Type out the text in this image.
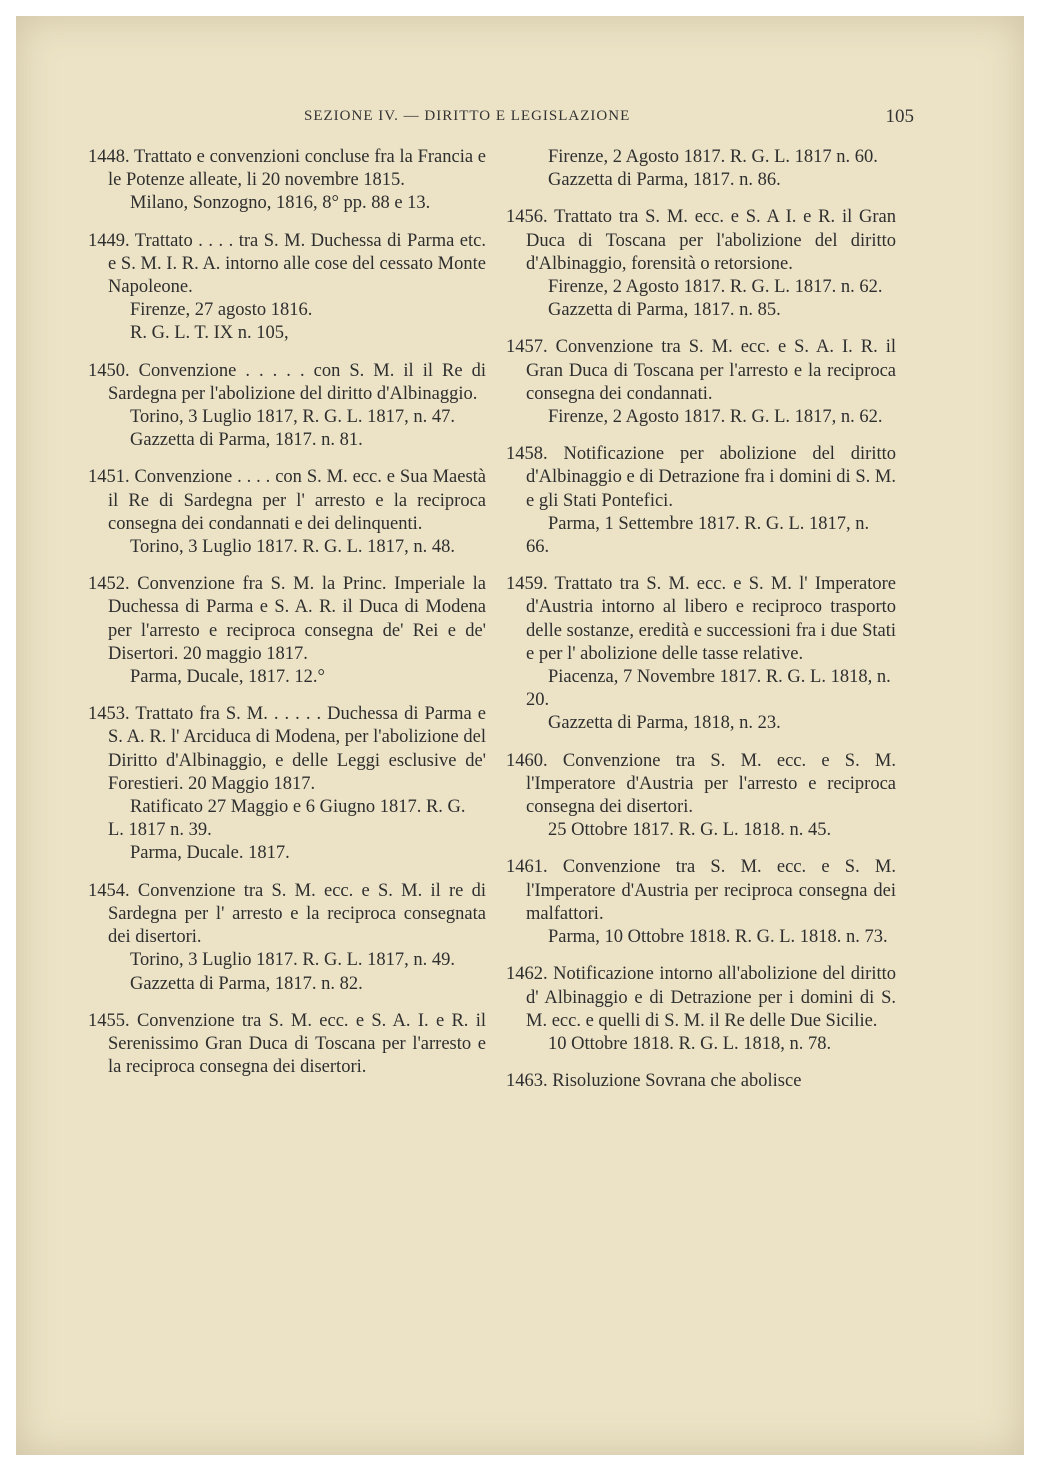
SEZIONE IV. — DIRITTO E LEGISLAZIONE	105
1448. Trattato e convenzioni concluse fra la Francia e le Potenze alleate, li 20 novembre 1815.
Milano, Sonzogno, 1816, 8° pp. 88 e 13.
1449. Trattato . . . . tra S. M. Duchessa di Parma etc. e S. M. I. R. A. intorno alle cose del cessato Monte Napoleone.
Firenze, 27 agosto 1816.
R. G. L. T. IX n. 105,
1450. Convenzione . . . . . con S. M. il il Re di Sardegna per l'abolizione del diritto d'Albinaggio.
Torino, 3 Luglio 1817, R. G. L. 1817, n. 47.
Gazzetta di Parma, 1817. n. 81.
1451. Convenzione . . . . con S. M. ecc. e Sua Maestà il Re di Sardegna per l' arresto e la reciproca consegna dei condannati e dei delinquenti.
Torino, 3 Luglio 1817. R. G. L. 1817, n. 48.
1452. Convenzione fra S. M. la Princ. Imperiale la Duchessa di Parma e S. A. R. il Duca di Modena per l'arresto e reciproca consegna de' Rei e de' Disertori. 20 maggio 1817.
Parma, Ducale, 1817. 12.°
1453. Trattato fra S. M. . . . . . Duchessa di Parma e S. A. R. l' Arciduca di Modena, per l'abolizione del Diritto d'Albinaggio, e delle Leggi esclusive de' Forestieri. 20 Maggio 1817.
Ratificato 27 Maggio e 6 Giugno 1817. R. G. L. 1817 n. 39.
Parma, Ducale. 1817.
1454. Convenzione tra S. M. ecc. e S. M. il re di Sardegna per l' arresto e la reciproca consegnata dei disertori.
Torino, 3 Luglio 1817. R. G. L. 1817, n. 49.
Gazzetta di Parma, 1817. n. 82.
1455. Convenzione tra S. M. ecc. e S. A. I. e R. il Serenissimo Gran Duca di Toscana per l'arresto e la reciproca consegna dei disertori.
Firenze, 2 Agosto 1817. R. G. L. 1817 n. 60.
Gazzetta di Parma, 1817. n. 86.
1456. Trattato tra S. M. ecc. e S. A I. e R. il Gran Duca di Toscana per l'abolizione del diritto d'Albinaggio, forensità o retorsione.
Firenze, 2 Agosto 1817. R. G. L. 1817. n. 62.
Gazzetta di Parma, 1817. n. 85.
1457. Convenzione tra S. M. ecc. e S. A. I. R. il Gran Duca di Toscana per l'arresto e la reciproca consegna dei condannati.
Firenze, 2 Agosto 1817. R. G. L. 1817, n. 62.
1458. Notificazione per abolizione del diritto d'Albinaggio e di Detrazione fra i domini di S. M. e gli Stati Pontefici.
Parma, 1 Settembre 1817. R. G. L. 1817, n. 66.
1459. Trattato tra S. M. ecc. e S. M. l' Imperatore d'Austria intorno al libero e reciproco trasporto delle sostanze, eredità e successioni fra i due Stati e per l' abolizione delle tasse relative.
Piacenza, 7 Novembre 1817. R. G. L. 1818, n. 20.
Gazzetta di Parma, 1818, n. 23.
1460. Convenzione tra S. M. ecc. e S. M. l'Imperatore d'Austria per l'arresto e reciproca consegna dei disertori.
25 Ottobre 1817. R. G. L. 1818. n. 45.
1461. Convenzione tra S. M. ecc. e S. M. l'Imperatore d'Austria per reciproca consegna dei malfattori.
Parma, 10 Ottobre 1818. R. G. L. 1818. n. 73.
1462. Notificazione intorno all'abolizione del diritto d' Albinaggio e di Detrazione per i domini di S. M. ecc. e quelli di S. M. il Re delle Due Sicilie.
10 Ottobre 1818. R. G. L. 1818, n. 78.
1463. Risoluzione Sovrana che abolisce
